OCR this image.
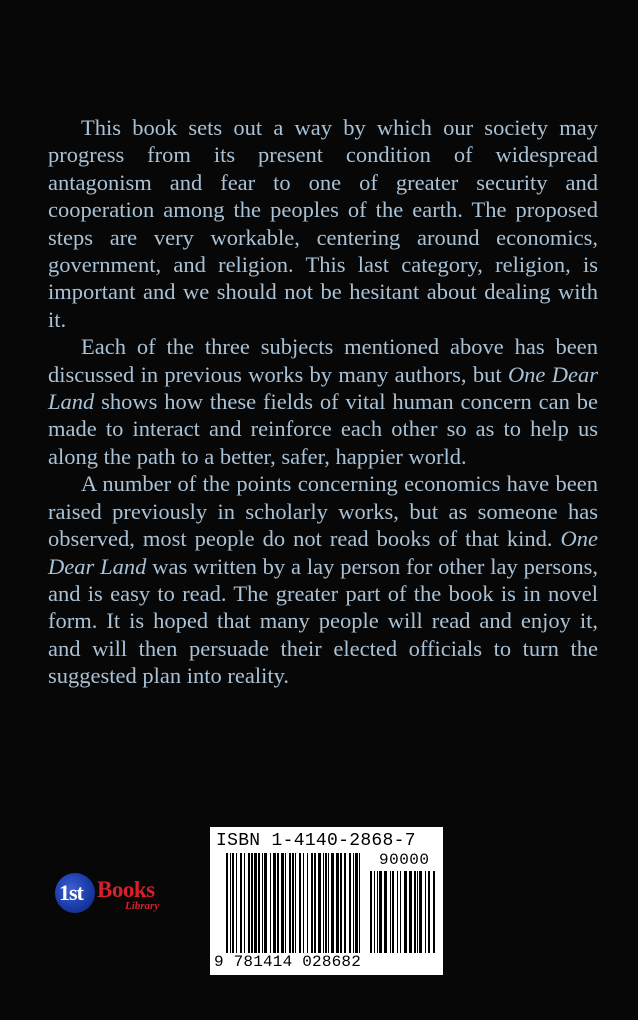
This book sets out a way by which our society may progress from its present condition of widespread antagonism and fear to one of greater security and cooperation among the peoples of the earth. The proposed steps are very workable, centering around economics, government, and religion. This last category, religion, is important and we should not be hesitant about dealing with it.

Each of the three subjects mentioned above has been discussed in previous works by many authors, but One Dear Land shows how these fields of vital human concern can be made to interact and reinforce each other so as to help us along the path to a better, safer, happier world.

A number of the points concerning economics have been raised previously in scholarly works, but as someone has observed, most people do not read books of that kind. One Dear Land was written by a lay person for other lay persons, and is easy to read. The greater part of the book is in novel form. It is hoped that many people will read and enjoy it, and will then persuade their elected officials to turn the suggested plan into reality.

1st Books
Library
ISBN 1-4140-2868-7
90000
9 781414 028682
